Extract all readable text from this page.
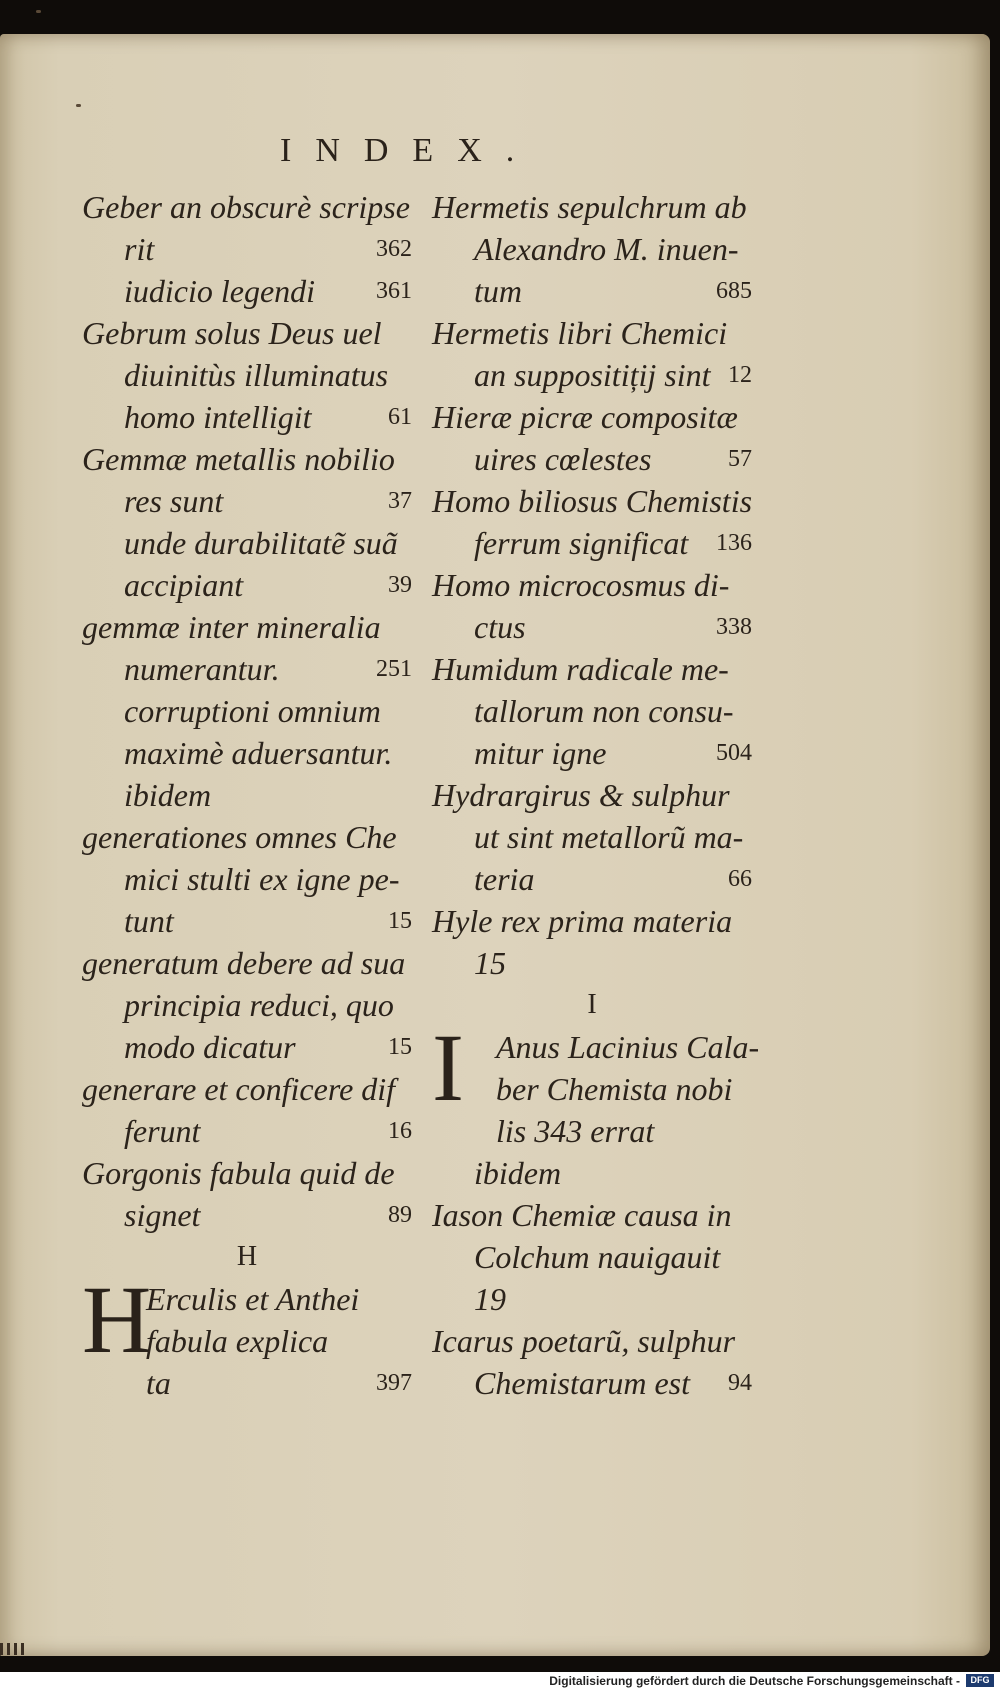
INDEX.
Geber an obscurè scripse
rit	362
iudicio legendi	361
Gebrum solus Deus uel
diuinitùs illuminatus
homo intelligit	61
Gemmæ metallis nobilio
res sunt	37
unde durabilitatẽ suã
accipiant	39
gemmæ inter mineralia
numerantur.	251
corruptioni omnium
maximè aduersantur.
ibidem
generationes omnes Che
mici stulti ex igne pe-
tunt	15
generatum debere ad sua
principia reduci, quo
modo dicatur	15
generare et conficere dif
ferunt	16
Gorgonis fabula quid de
signet	89
H
H
Erculis et Anthei
fabula explica
ta	397
Hermetis sepulchrum ab
Alexandro M. inuen-
tum	685
Hermetis libri Chemici
an suppositițij sint 12
Hieræ picræ compositæ
uires cœlestes	57
Homo biliosus Chemistis
ferrum significat 136
Homo microcosmus di-
ctus	338
Humidum radicale me-
tallorum non consu-
mitur igne	504
Hydrargirus & sulphur
ut sint metallorũ ma-
teria	66
Hyle rex prima materia
15
I
I	Anus Lacinius Cala-
ber Chemista nobi
lis 343 errat
ibidem
Iason Chemiæ causa in
Colchum nauigauit
19
Icarus poetarũ, sulphur
Chemistarum est 94
Digitalisierung gefördert durch die Deutsche Forschungsgemeinschaft -	DFG
